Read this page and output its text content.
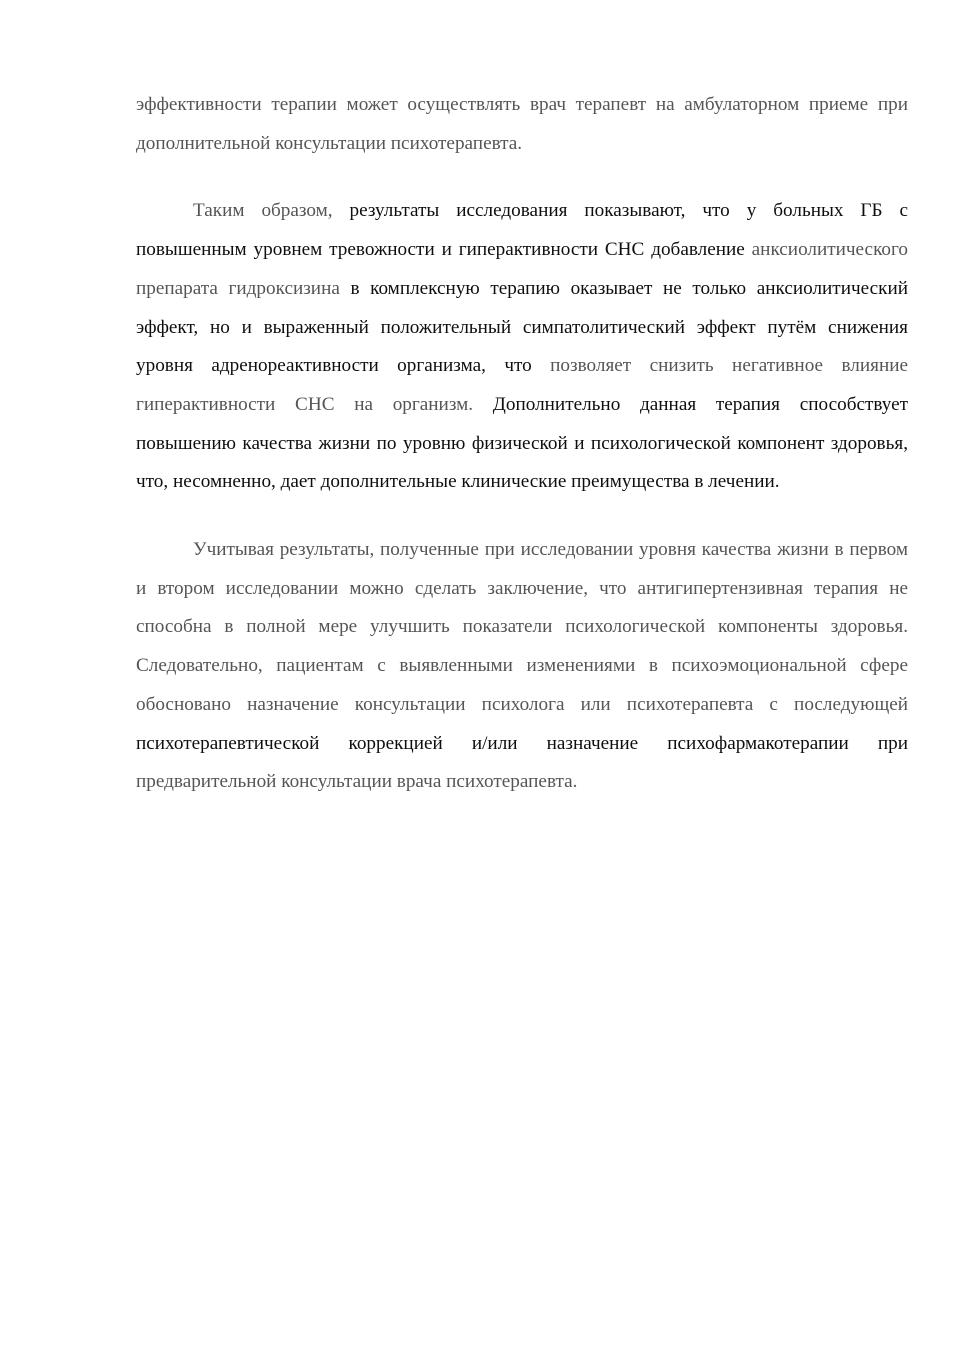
эффективности терапии может осуществлять врач терапевт на амбулаторном приеме при дополнительной консультации психотерапевта.

Таким образом, результаты исследования показывают, что у больных ГБ с повышенным уровнем тревожности и гиперактивности СНС добавление анксиолитического препарата гидроксизина в комплексную терапию оказывает не только анксиолитический эффект, но и выраженный положительный симпатолитический эффект путём снижения уровня адренореактивности организма, что позволяет снизить негативное влияние гиперактивности СНС на организм. Дополнительно данная терапия способствует повышению качества жизни по уровню физической и психологической компонент здоровья, что, несомненно, дает дополнительные клинические преимущества в лечении.

Учитывая результаты, полученные при исследовании уровня качества жизни в первом и втором исследовании можно сделать заключение, что антигипертензивная терапия не способна в полной мере улучшить показатели психологической компоненты здоровья. Следовательно, пациентам с выявленными изменениями в психоэмоциональной сфере обосновано назначение консультации психолога или психотерапевта с последующей психотерапевтической коррекцией и/или назначение психофармакотерапии при предварительной консультации врача психотерапевта.
